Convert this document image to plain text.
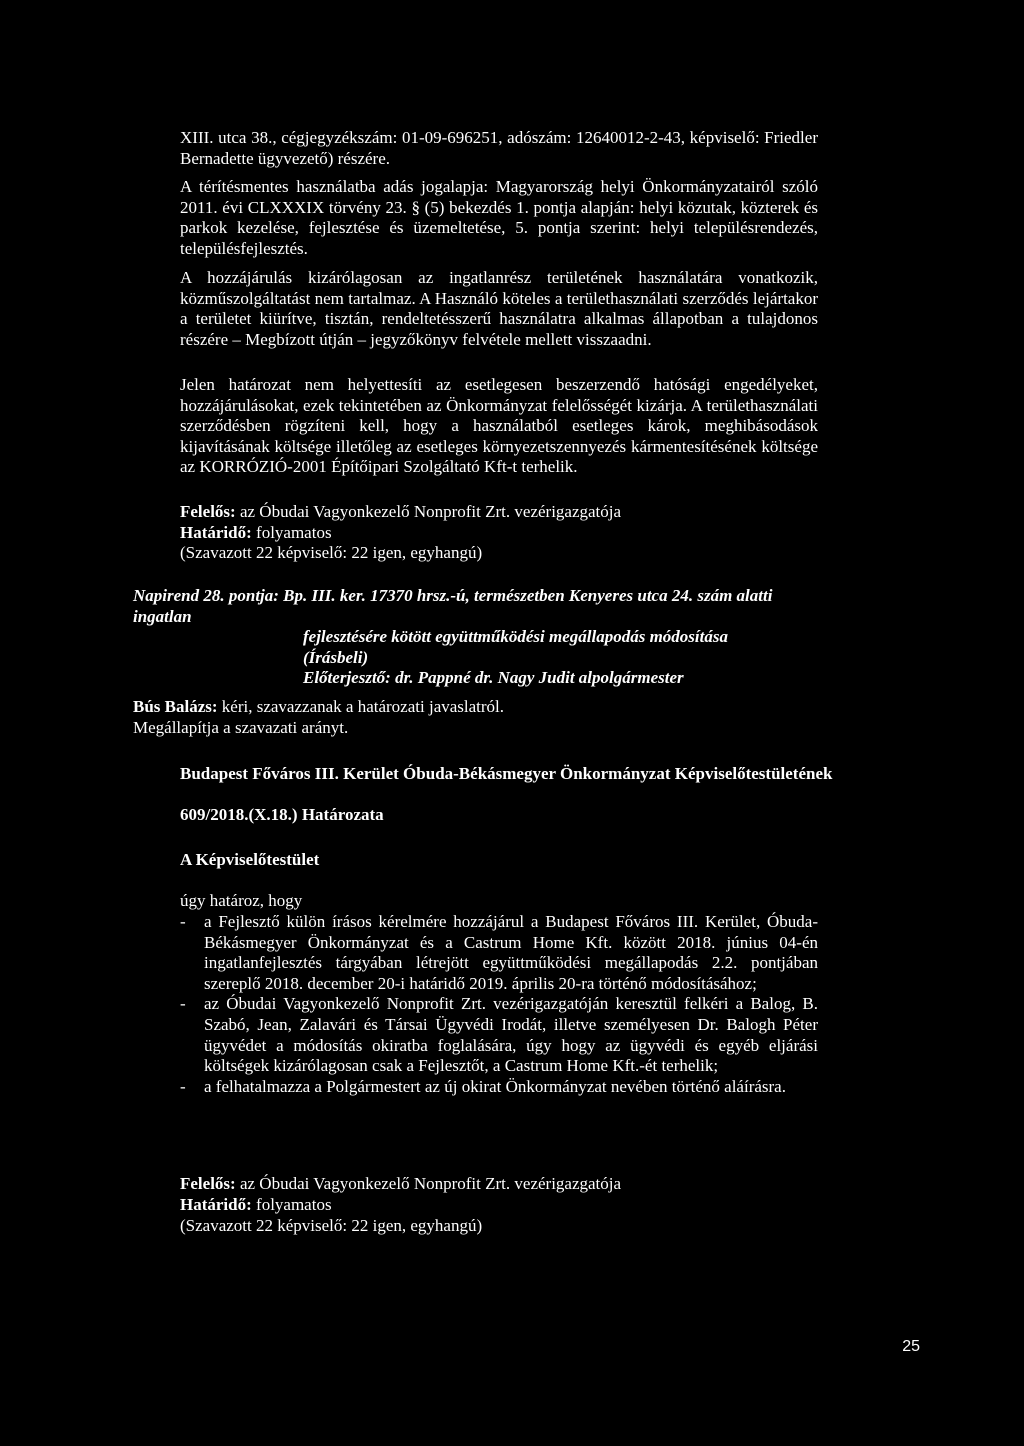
XIII. utca 38., cégjegyzékszám: 01-09-696251, adószám: 12640012-2-43, képviselő: Friedler Bernadette ügyvezető) részére.
A térítésmentes használatba adás jogalapja: Magyarország helyi Önkormányzatairól szóló 2011. évi CLXXXIX törvény 23. § (5) bekezdés 1. pontja alapján: helyi közutak, közterek és parkok kezelése, fejlesztése és üzemeltetése, 5. pontja szerint: helyi településrendezés, településfejlesztés.
A hozzájárulás kizárólagosan az ingatlanrész területének használatára vonatkozik, közműszolgáltatást nem tartalmaz. A Használó köteles a területhasználati szerződés lejártakor a területet kiürítve, tisztán, rendeltetésszerű használatra alkalmas állapotban a tulajdonos részére – Megbízott útján – jegyzőkönyv felvétele mellett visszaadni.
Jelen határozat nem helyettesíti az esetlegesen beszerzendő hatósági engedélyeket, hozzájárulásokat, ezek tekintetében az Önkormányzat felelősségét kizárja. A területhasználati szerződésben rögzíteni kell, hogy a használatból esetleges károk, meghibásodások kijavításának költsége illetőleg az esetleges környezetszennyezés kármentesítésének költsége az KORRÓZIÓ-2001 Építőipari Szolgáltató Kft-t terhelik.
Felelős: az Óbudai Vagyonkezelő Nonprofit Zrt. vezérigazgatója
Határidő: folyamatos
(Szavazott 22 képviselő: 22 igen, egyhangú)
Napirend 28. pontja: Bp. III. ker. 17370 hrsz.-ú, természetben Kenyeres utca 24. szám alatti ingatlan
fejlesztésére kötött együttműködési megállapodás módosítása
(Írásbeli)
Előterjesztő: dr. Pappné dr. Nagy Judit alpolgármester
Bús Balázs: kéri, szavazzanak a határozati javaslatról.
Megállapítja a szavazati arányt.
Budapest Főváros III. Kerület Óbuda-Békásmegyer Önkormányzat Képviselőtestületének
609/2018.(X.18.) Határozata
A Képviselőtestület
úgy határoz, hogy
- a Fejlesztő külön írásos kérelmére hozzájárul a Budapest Főváros III. Kerület, Óbuda-Békásmegyer Önkormányzat és a Castrum Home Kft. között 2018. június 04-én ingatlanfejlesztés tárgyában létrejött együttműködési megállapodás 2.2. pontjában szereplő 2018. december 20-i határidő 2019. április 20-ra történő módosításához;
- az Óbudai Vagyonkezelő Nonprofit Zrt. vezérigazgatóján keresztül felkéri a Balog, B. Szabó, Jean, Zalavári és Társai Ügyvédi Irodát, illetve személyesen Dr. Balogh Péter ügyvédet a módosítás okiratba foglalására, úgy hogy az ügyvédi és egyéb eljárási költségek kizárólagosan csak a Fejlesztőt, a Castrum Home Kft.-ét terhelik;
- a felhatalmazza a Polgármestert az új okirat Önkormányzat nevében történő aláírásra.
Felelős: az Óbudai Vagyonkezelő Nonprofit Zrt. vezérigazgatója
Határidő: folyamatos
(Szavazott 22 képviselő: 22 igen, egyhangú)
25
